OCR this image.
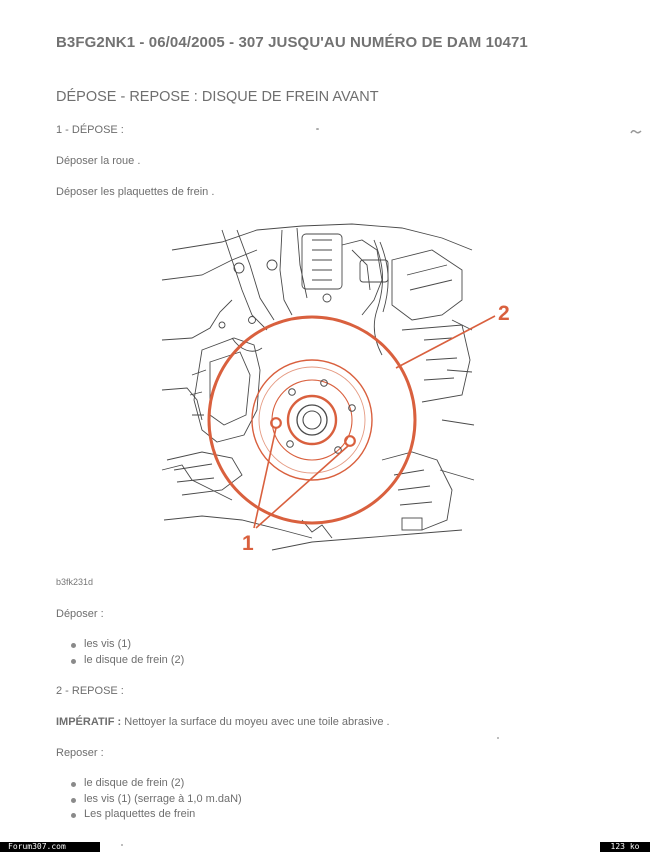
B3FG2NK1 - 06/04/2005 - 307 JUSQU'AU NUMÉRO DE DAM 10471
DÉPOSE - REPOSE : DISQUE DE FREIN AVANT
1 - DÉPOSE :
Déposer la roue .
Déposer les plaquettes de frein .
1
2
b3fk231d
Déposer :
les vis (1)
le disque de frein (2)
2 - REPOSE :
IMPÉRATIF : Nettoyer la surface du moyeu avec une toile abrasive .
Reposer :
le disque de frein (2)
les vis (1) (serrage à 1,0 m.daN)
Les plaquettes de frein
Forum307.com	123 ko
